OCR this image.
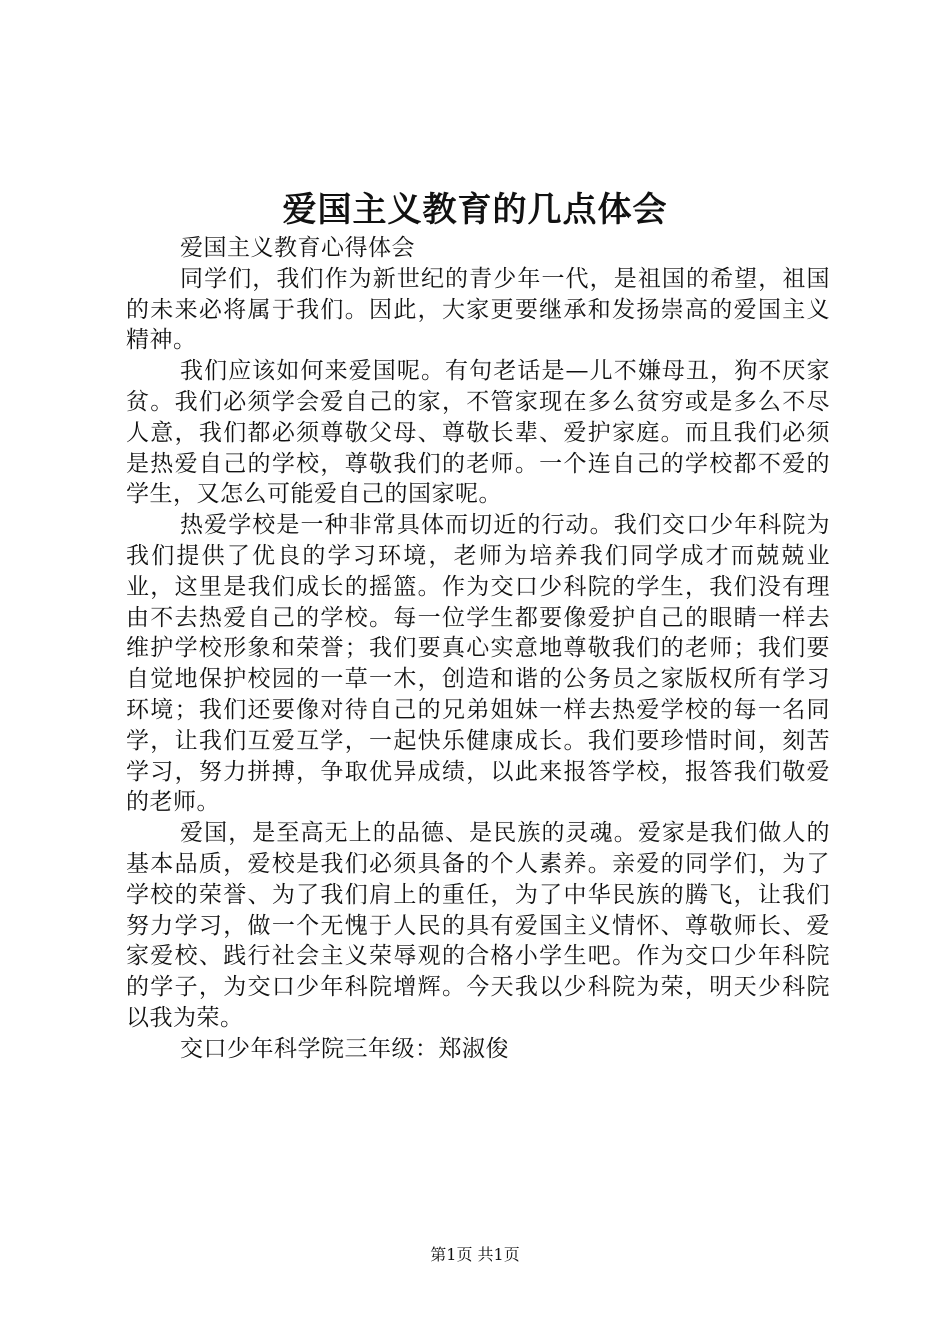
爱国主义教育的几点体会

爱国主义教育心得体会

同学们，我们作为新世纪的青少年一代，是祖国的希望，祖国的未来必将属于我们。因此，大家更要继承和发扬崇高的爱国主义精神。

我们应该如何来爱国呢。有句老话是—儿不嫌母丑，狗不厌家贫。我们必须学会爱自己的家，不管家现在多么贫穷或是多么不尽人意，我们都必须尊敬父母、尊敬长辈、爱护家庭。而且我们必须是热爱自己的学校，尊敬我们的老师。一个连自己的学校都不爱的学生，又怎么可能爱自己的国家呢。

热爱学校是一种非常具体而切近的行动。我们交口少年科院为我们提供了优良的学习环境，老师为培养我们同学成才而兢兢业业，这里是我们成长的摇篮。作为交口少科院的学生，我们没有理由不去热爱自己的学校。每一位学生都要像爱护自己的眼睛一样去维护学校形象和荣誉；我们要真心实意地尊敬我们的老师；我们要自觉地保护校园的一草一木，创造和谐的公务员之家版权所有学习环境；我们还要像对待自己的兄弟姐妹一样去热爱学校的每一名同学，让我们互爱互学，一起快乐健康成长。我们要珍惜时间，刻苦学习，努力拼搏，争取优异成绩，以此来报答学校，报答我们敬爱的老师。

爱国，是至高无上的品德、是民族的灵魂。爱家是我们做人的基本品质，爱校是我们必须具备的个人素养。亲爱的同学们，为了学校的荣誉、为了我们肩上的重任，为了中华民族的腾飞，让我们努力学习，做一个无愧于人民的具有爱国主义情怀、尊敬师长、爱家爱校、践行社会主义荣辱观的合格小学生吧。作为交口少年科院的学子，为交口少年科院增辉。今天我以少科院为荣，明天少科院以我为荣。

交口少年科学院三年级：郑淑俊

第1页 共1页
